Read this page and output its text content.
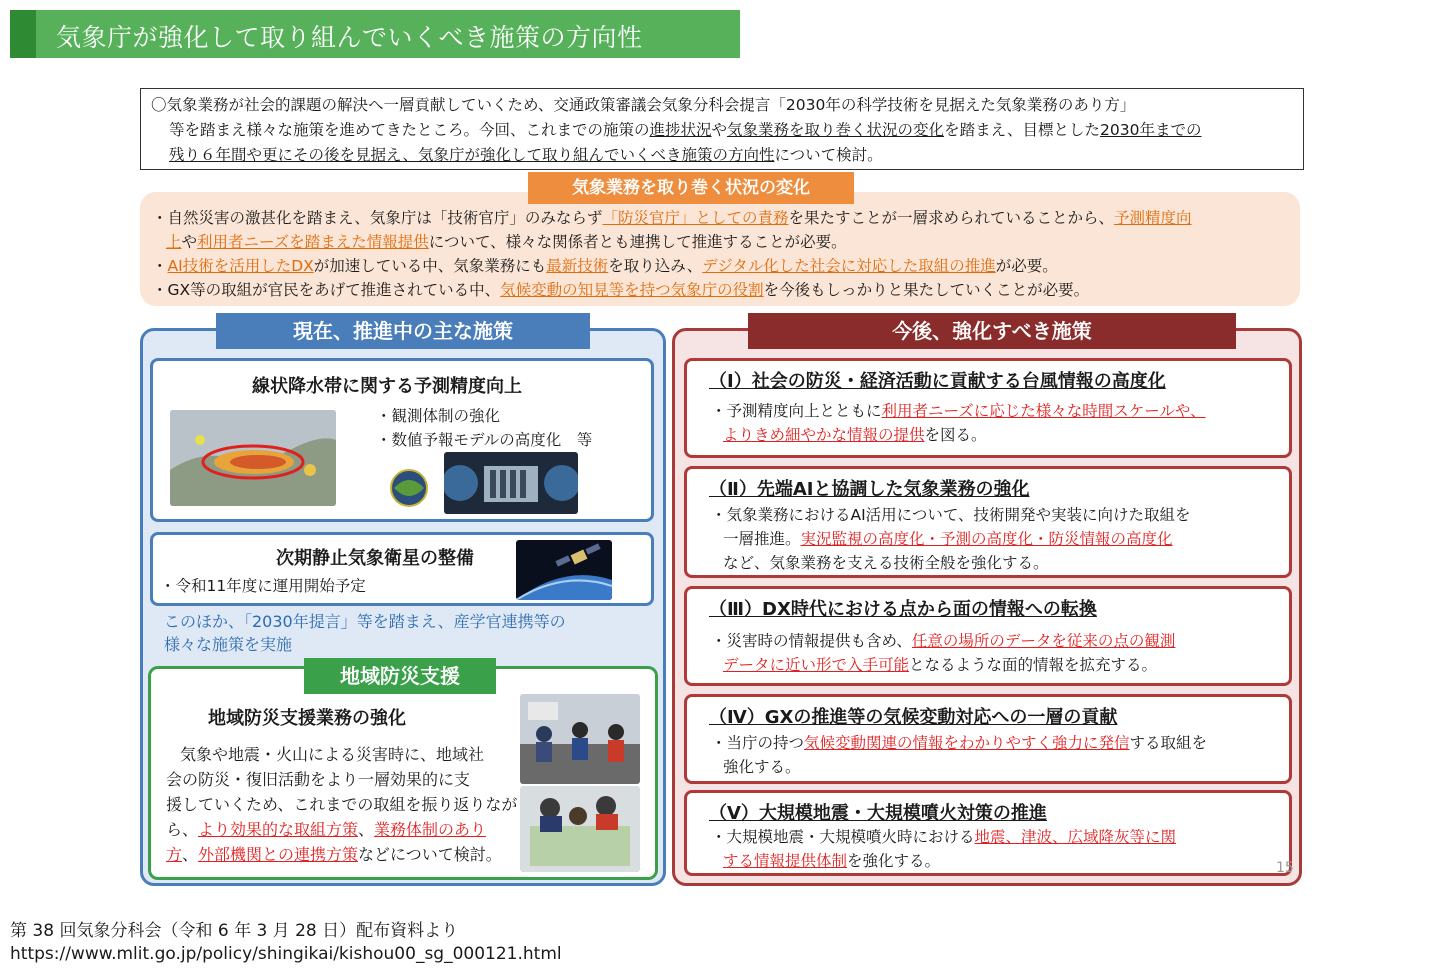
気象庁が強化して取り組んでいくべき施策の方向性
〇気象業務が社会的課題の解決へ一層貢献していくため、交通政策審議会気象分科会提言「2030年の科学技術を見据えた気象業務のあり方」
等を踏まえ様々な施策を進めてきたところ。今回、これまでの施策の進捗状況や気象業務を取り巻く状況の変化を踏まえ、目標とした2030年までの
残り６年間や更にその後を見据え、気象庁が強化して取り組んでいくべき施策の方向性について検討。
・自然災害の激甚化を踏まえ、気象庁は「技術官庁」のみならず「防災官庁」としての責務を果たすことが一層求められていることから、予測精度向
上や利用者ニーズを踏まえた情報提供について、様々な関係者とも連携して推進することが必要。
・AI技術を活用したDXが加速している中、気象業務にも最新技術を取り込み、デジタル化した社会に対応した取組の推進が必要。
・GX等の取組が官民をあげて推進されている中、気候変動の知見等を持つ気象庁の役割を今後もしっかりと果たしていくことが必要。
気象業務を取り巻く状況の変化
現在、推進中の主な施策
線状降水帯に関する予測精度向上
・観測体制の強化
・数値予報モデルの高度化　等
次期静止気象衛星の整備
・令和11年度に運用開始予定
このほか、「2030年提言」等を踏まえ、産学官連携等の
様々な施策を実施
地域防災支援
地域防災支援業務の強化
気象や地震・火山による災害時に、地域社
会の防災・復旧活動をより一層効果的に支
援していくため、これまでの取組を振り返りなが
ら、より効果的な取組方策、業務体制のあり
方、外部機関との連携方策などについて検討。
今後、強化すべき施策
（Ⅰ）社会の防災・経済活動に貢献する台風情報の高度化
・予測精度向上とともに利用者ニーズに応じた様々な時間スケールや、
よりきめ細やかな情報の提供を図る。
（Ⅱ）先端AIと協調した気象業務の強化
・気象業務におけるAI活用について、技術開発や実装に向けた取組を
一層推進。実況監視の高度化・予測の高度化・防災情報の高度化
など、気象業務を支える技術全般を強化する。
（Ⅲ）DX時代における点から面の情報への転換
・災害時の情報提供も含め、任意の場所のデータを従来の点の観測
データに近い形で入手可能となるような面的情報を拡充する。
（Ⅳ）GXの推進等の気候変動対応への一層の貢献
・当庁の持つ気候変動関連の情報をわかりやすく強力に発信する取組を
強化する。
（Ⅴ）大規模地震・大規模噴火対策の推進
・大規模地震・大規模噴火時における地震、津波、広域降灰等に関
する情報提供体制を強化する。	15
第 38 回気象分科会（令和 6 年 3 月 28 日）配布資料より
https://www.mlit.go.jp/policy/shingikai/kishou00_sg_000121.html
